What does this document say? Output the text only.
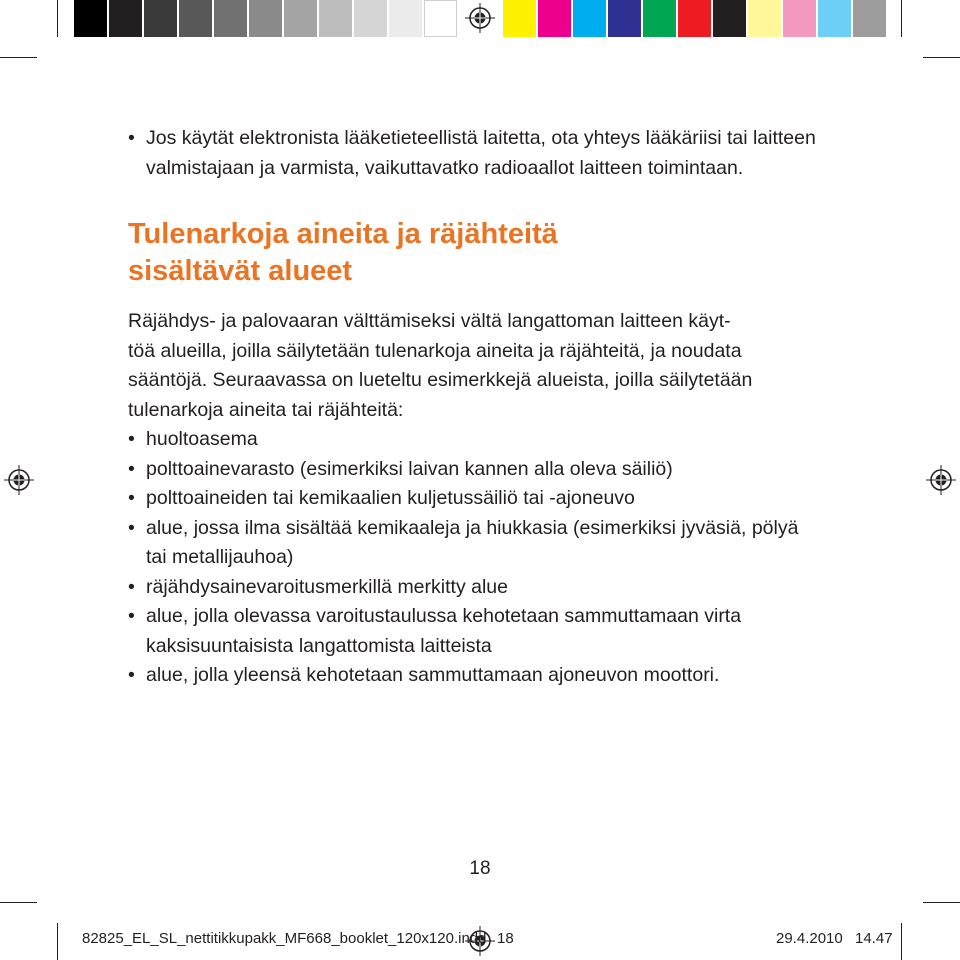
• Jos käytät elektronista lääketieteellistä laitetta, ota yhteys lääkäriisi tai laitteen valmistajaan ja varmista, vaikuttavatko radioaallot laitteen toimintaan.
Tulenarkoja aineita ja räjähteitä
sisältävät alueet
Räjähdys- ja palovaaran välttämiseksi vältä langattoman laitteen käyt-
töä alueilla, joilla säilytetään tulenarkoja aineita ja räjähteitä, ja noudata
sääntöjä. Seuraavassa on lueteltu esimerkkejä alueista, joilla säilytetään
tulenarkoja aineita tai räjähteitä:
• huoltoasema
• polttoainevarasto (esimerkiksi laivan kannen alla oleva säiliö)
• polttoaineiden tai kemikaalien kuljetussäiliö tai -ajoneuvo
• alue, jossa ilma sisältää kemikaaleja ja hiukkasia (esimerkiksi jyväsiä, pölyä tai metallijauhoa)
• räjähdysainevaroitusmerkillä merkitty alue
• alue, jolla olevassa varoitustaulussa kehotetaan sammuttamaan virta kaksisuuntaisista langattomista laitteista
• alue, jolla yleensä kehotetaan sammuttamaan ajoneuvon moottori.
18
82825_EL_SL_nettitikkupakk_MF668_booklet_120x120.indd 18	29.4.2010 14.47
